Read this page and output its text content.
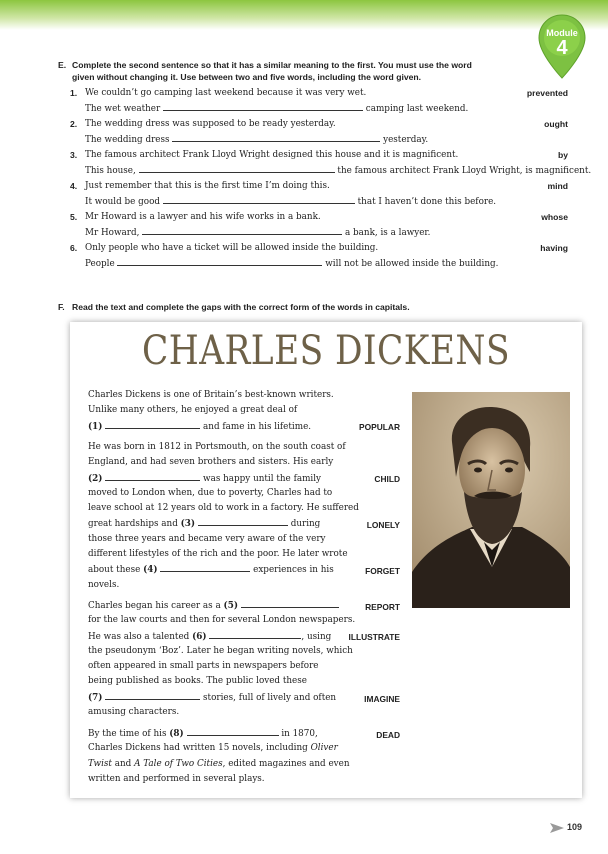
Module
4
E. Complete the second sentence so that it has a similar meaning to the first. You must use the word
given without changing it. Use between two and five words, including the word given.
1. We couldn’t go camping last weekend because it was very wet.
The wet weather	camping last weekend.
prevented
2. The wedding dress was supposed to be ready yesterday.
The wedding dress	yesterday.
ought
3. The famous architect Frank Lloyd Wright designed this house and it is magnificent.
This house,	the famous architect Frank Lloyd Wright, is magnificent.
by
4. Just remember that this is the first time I’m doing this.
It would be good	that I haven’t done this before.
mind
5. Mr Howard is a lawyer and his wife works in a bank.
Mr Howard,	a bank, is a lawyer.
whose
6. Only people who have a ticket will be allowed inside the building.
People	will not be allowed inside the building.
having
F. Read the text and complete the gaps with the correct form of the words in capitals.
CHARLES DICKENS
Charles Dickens is one of Britain’s best-known writers.
Unlike many others, he enjoyed a great deal of
(1)	and fame in his lifetime.	POPULAR
He was born in 1812 in Portsmouth, on the south coast of
England, and had seven brothers and sisters. His early
(2)	was happy until the family
moved to London when, due to poverty, Charles had to
leave school at 12 years old to work in a factory. He suffered
great hardships and (3)	during
those three years and became very aware of the very
different lifestyles of the rich and the poor. He later wrote
about these (4)	experiences in his
novels.
CHILD
LONELY
FORGET
Charles began his career as a (5)
for the law courts and then for several London newspapers.
He was also a talented (6)	, using
the pseudonym ‘Boz’. Later he began writing novels, which
often appeared in small parts in newspapers before
being published as books. The public loved these
(7)	stories, full of lively and often
amusing characters.
REPORT
ILLUSTRATE
IMAGINE
By the time of his (8)	in 1870,
Charles Dickens had written 15 novels, including Oliver
Twist and A Tale of Two Cities, edited magazines and even
written and performed in several plays.
DEAD
109
